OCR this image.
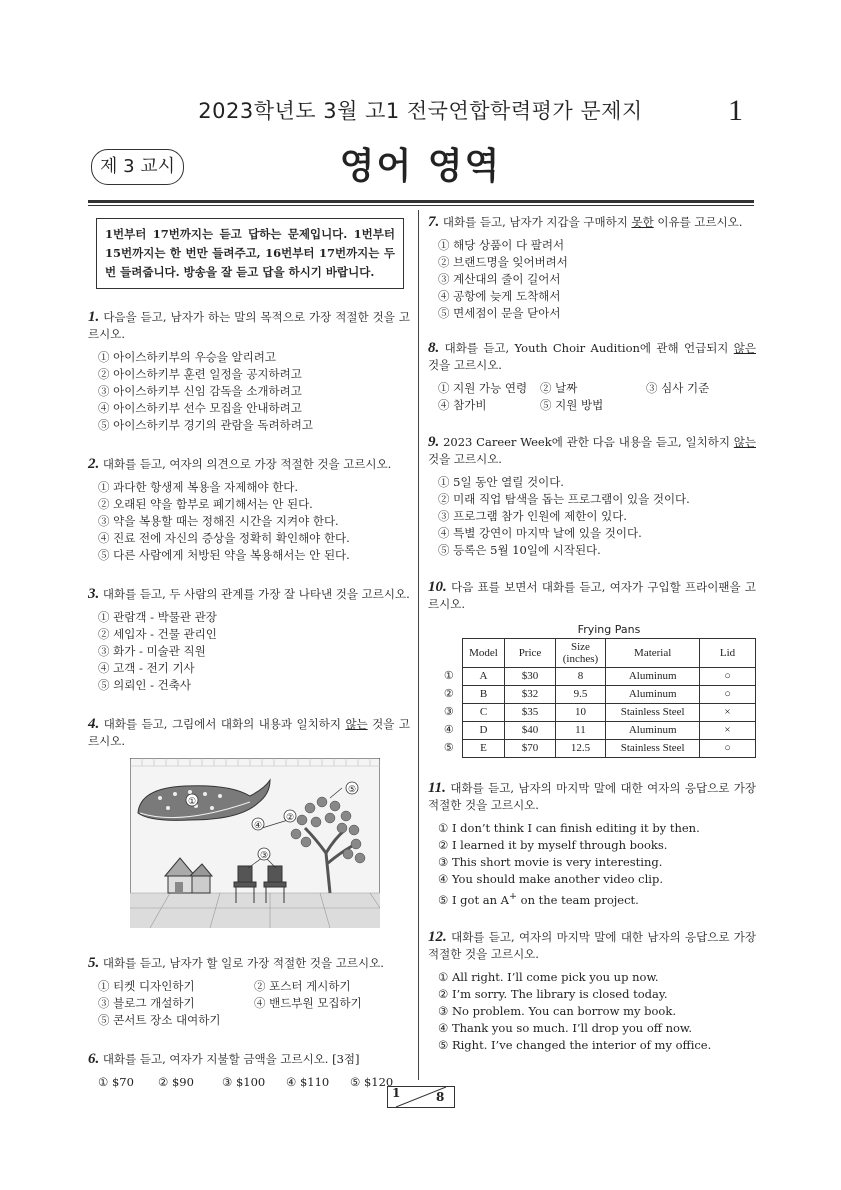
2023학년도 3월 고1 전국연합학력평가 문제지	1
제 3 교시	영어 영역
1번부터 17번까지는 듣고 답하는 문제입니다. 1번부터 15번까지는 한 번만 들려주고, 16번부터 17번까지는 두 번 들려줍니다. 방송을 잘 듣고 답을 하시기 바랍니다.
1. 다음을 듣고, 남자가 하는 말의 목적으로 가장 적절한 것을 고르시오.
① 아이스하키부의 우승을 알리려고
② 아이스하키부 훈련 일정을 공지하려고
③ 아이스하키부 신임 감독을 소개하려고
④ 아이스하키부 선수 모집을 안내하려고
⑤ 아이스하키부 경기의 관람을 독려하려고
2. 대화를 듣고, 여자의 의견으로 가장 적절한 것을 고르시오.
① 과다한 항생제 복용을 자제해야 한다.
② 오래된 약을 함부로 폐기해서는 안 된다.
③ 약을 복용할 때는 정해진 시간을 지켜야 한다.
④ 진료 전에 자신의 증상을 정확히 확인해야 한다.
⑤ 다른 사람에게 처방된 약을 복용해서는 안 된다.
3. 대화를 듣고, 두 사람의 관계를 가장 잘 나타낸 것을 고르시오.
① 관람객 - 박물관 관장
② 세입자 - 건물 관리인
③ 화가 - 미술관 직원
④ 고객 - 전기 기사
⑤ 의뢰인 - 건축사
4. 대화를 듣고, 그림에서 대화의 내용과 일치하지 않는 것을 고르시오.
①
⑤
④
③
②
5. 대화를 듣고, 남자가 할 일로 가장 적절한 것을 고르시오.
① 티켓 디자인하기	② 포스터 게시하기
③ 블로그 개설하기	④ 밴드부원 모집하기
⑤ 콘서트 장소 대여하기
6. 대화를 듣고, 여자가 지불할 금액을 고르시오. [3점]
① $70	② $90	③ $100	④ $110	⑤ $120
7. 대화를 듣고, 남자가 지갑을 구매하지 못한 이유를 고르시오.
① 해당 상품이 다 팔려서
② 브랜드명을 잊어버려서
③ 계산대의 줄이 길어서
④ 공항에 늦게 도착해서
⑤ 면세점이 문을 닫아서
8. 대화를 듣고, Youth Choir Audition에 관해 언급되지 않은 것을 고르시오.
① 지원 가능 연령	② 날짜	③ 심사 기준
④ 참가비	⑤ 지원 방법
9. 2023 Career Week에 관한 다음 내용을 듣고, 일치하지 않는 것을 고르시오.
① 5일 동안 열릴 것이다.
② 미래 직업 탐색을 돕는 프로그램이 있을 것이다.
③ 프로그램 참가 인원에 제한이 있다.
④ 특별 강연이 마지막 날에 있을 것이다.
⑤ 등록은 5월 10일에 시작된다.
10. 다음 표를 보면서 대화를 듣고, 여자가 구입할 프라이팬을 고르시오.
Frying Pans
	Model	Price	Size
(inches)	Material	Lid
①	A	$30	8	Aluminum	○
②	B	$32	9.5	Aluminum	○
③	C	$35	10	Stainless Steel	×
④	D	$40	11	Aluminum	×
⑤	E	$70	12.5	Stainless Steel	○
11. 대화를 듣고, 남자의 마지막 말에 대한 여자의 응답으로 가장 적절한 것을 고르시오.
① I don’t think I can finish editing it by then.
② I learned it by myself through books.
③ This short movie is very interesting.
④ You should make another video clip.
⑤ I got an A+ on the team project.
12. 대화를 듣고, 여자의 마지막 말에 대한 남자의 응답으로 가장 적절한 것을 고르시오.
① All right. I’ll come pick you up now.
② I’m sorry. The library is closed today.
③ No problem. You can borrow my book.
④ Thank you so much. I’ll drop you off now.
⑤ Right. I’ve changed the interior of my office.
1	8
